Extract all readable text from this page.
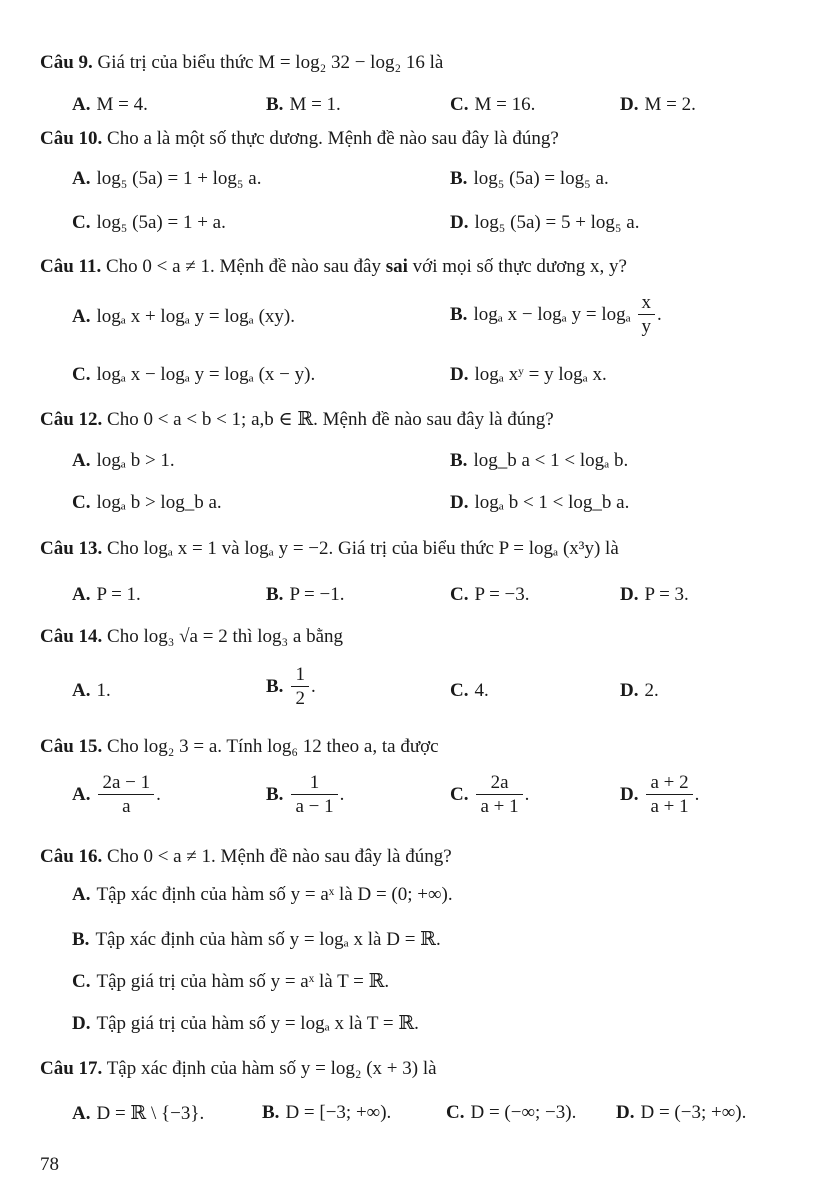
Câu 9. Giá trị của biểu thức M = log₂ 32 − log₂ 16 là
A. M = 4.	B. M = 1.	C. M = 16.	D. M = 2.
Câu 10. Cho a là một số thực dương. Mệnh đề nào sau đây là đúng?
A. log₅ (5a) = 1 + log₅ a.	B. log₅ (5a) = log₅ a.
C. log₅ (5a) = 1 + a.	D. log₅ (5a) = 5 + log₅ a.
Câu 11. Cho 0 < a ≠ 1. Mệnh đề nào sau đây sai với mọi số thực dương x, y?
A. logₐ x + logₐ y = logₐ (xy).	B. logₐ x − logₐ y = logₐ $\frac{x}{y}$ .
C. logₐ x − logₐ y = logₐ (x − y).	D. logₐ xʸ = y logₐ x.
Câu 12. Cho 0 < a < b < 1; a,b ∈ ℝ. Mệnh đề nào sau đây là đúng?
A. logₐ b > 1.	B. log_b a < 1 < logₐ b.
C. logₐ b > log_b a.	D. logₐ b < 1 < log_b a.
Câu 13. Cho logₐ x = 1 và logₐ y = −2. Giá trị của biểu thức P = logₐ (x³y) là
A. P = 1.	B. P = −1.	C. P = −3.	D. P = 3.
Câu 14. Cho log₃ √a = 2 thì log₃ a bằng
A. 1.	B. $\frac{1}{2}$ .	C. 4.	D. 2.
Câu 15. Cho log₂ 3 = a. Tính log₆ 12 theo a, ta được
A. $\frac{2a - 1}{a}$ .	B. $\frac{1}{a - 1}$ .	C. $\frac{2a}{a + 1}$ .	D. $\frac{a + 2}{a + 1}$ .
Câu 16. Cho 0 < a ≠ 1. Mệnh đề nào sau đây là đúng?
A. Tập xác định của hàm số y = aˣ là D = (0; +∞).
B. Tập xác định của hàm số y = logₐ x là D = ℝ.
C. Tập giá trị của hàm số y = aˣ là T = ℝ.
D. Tập giá trị của hàm số y = logₐ x là T = ℝ.
Câu 17. Tập xác định của hàm số y = log₂ (x + 3) là
A. D = ℝ \ {−3}.	B. D = [−3; +∞).	C. D = (−∞; −3). D. D = (−3; +∞).
78
